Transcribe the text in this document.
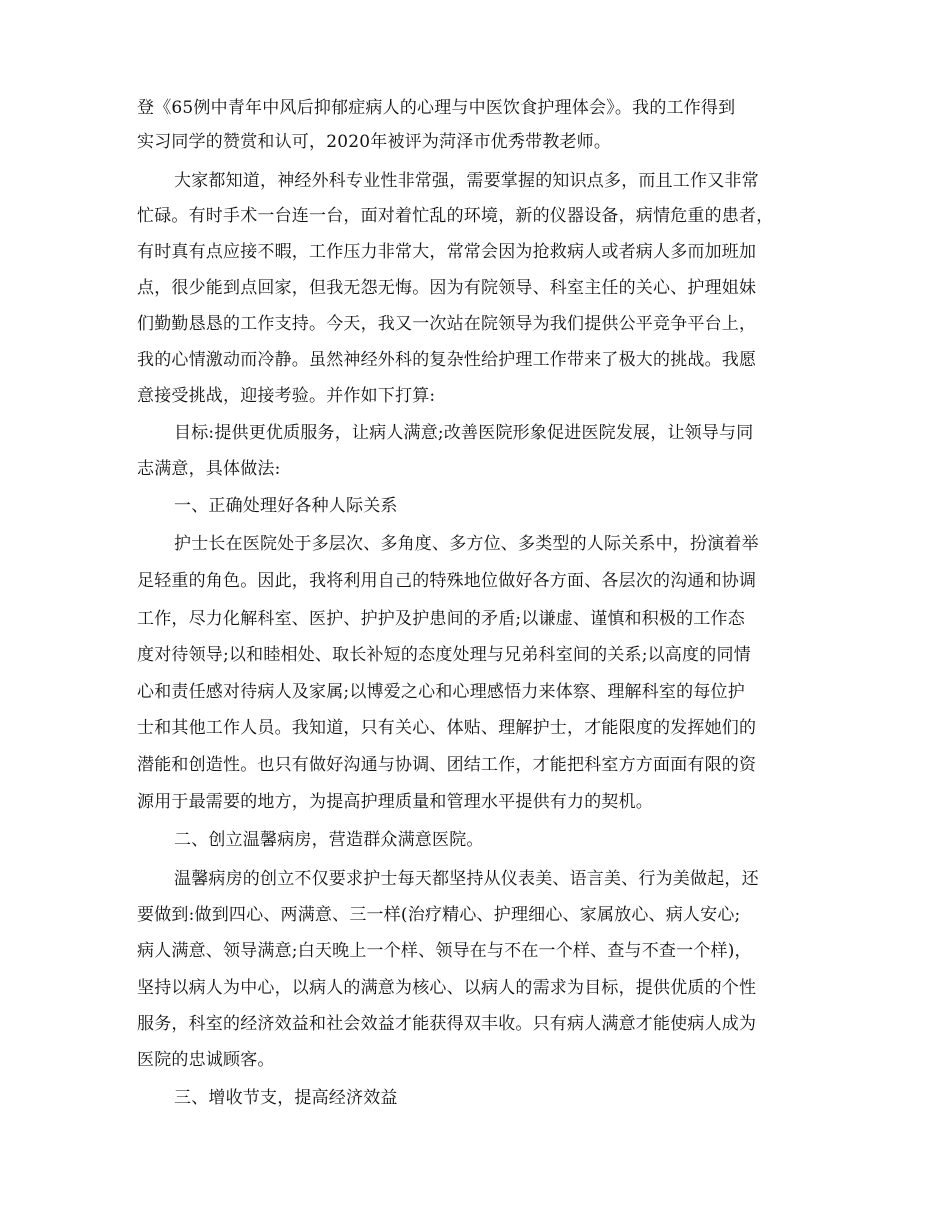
登《65例中青年中风后抑郁症病人的心理与中医饮食护理体会》。我的工作得到
实习同学的赞赏和认可，2020年被评为菏泽市优秀带教老师。
大家都知道，神经外科专业性非常强，需要掌握的知识点多，而且工作又非常
忙碌。有时手术一台连一台，面对着忙乱的环境，新的仪器设备，病情危重的患者，
有时真有点应接不暇，工作压力非常大，常常会因为抢救病人或者病人多而加班加
点，很少能到点回家，但我无怨无悔。因为有院领导、科室主任的关心、护理姐妹
们勤勤恳恳的工作支持。今天，我又一次站在院领导为我们提供公平竞争平台上，
我的心情激动而冷静。虽然神经外科的复杂性给护理工作带来了极大的挑战。我愿
意接受挑战，迎接考验。并作如下打算:
目标:提供更优质服务，让病人满意;改善医院形象促进医院发展，让领导与同
志满意，具体做法:
一、正确处理好各种人际关系
护士长在医院处于多层次、多角度、多方位、多类型的人际关系中，扮演着举
足轻重的角色。因此，我将利用自己的特殊地位做好各方面、各层次的沟通和协调
工作，尽力化解科室、医护、护护及护患间的矛盾;以谦虚、谨慎和积极的工作态
度对待领导;以和睦相处、取长补短的态度处理与兄弟科室间的关系;以高度的同情
心和责任感对待病人及家属;以博爱之心和心理感悟力来体察、理解科室的每位护
士和其他工作人员。我知道，只有关心、体贴、理解护士，才能限度的发挥她们的
潜能和创造性。也只有做好沟通与协调、团结工作，才能把科室方方面面有限的资
源用于最需要的地方，为提高护理质量和管理水平提供有力的契机。
二、创立温馨病房，营造群众满意医院。
温馨病房的创立不仅要求护士每天都坚持从仪表美、语言美、行为美做起，还
要做到:做到四心、两满意、三一样(治疗精心、护理细心、家属放心、病人安心;
病人满意、领导满意;白天晚上一个样、领导在与不在一个样、查与不查一个样)，
坚持以病人为中心，以病人的满意为核心、以病人的需求为目标，提供优质的个性
服务，科室的经济效益和社会效益才能获得双丰收。只有病人满意才能使病人成为
医院的忠诚顾客。
三、增收节支，提高经济效益
